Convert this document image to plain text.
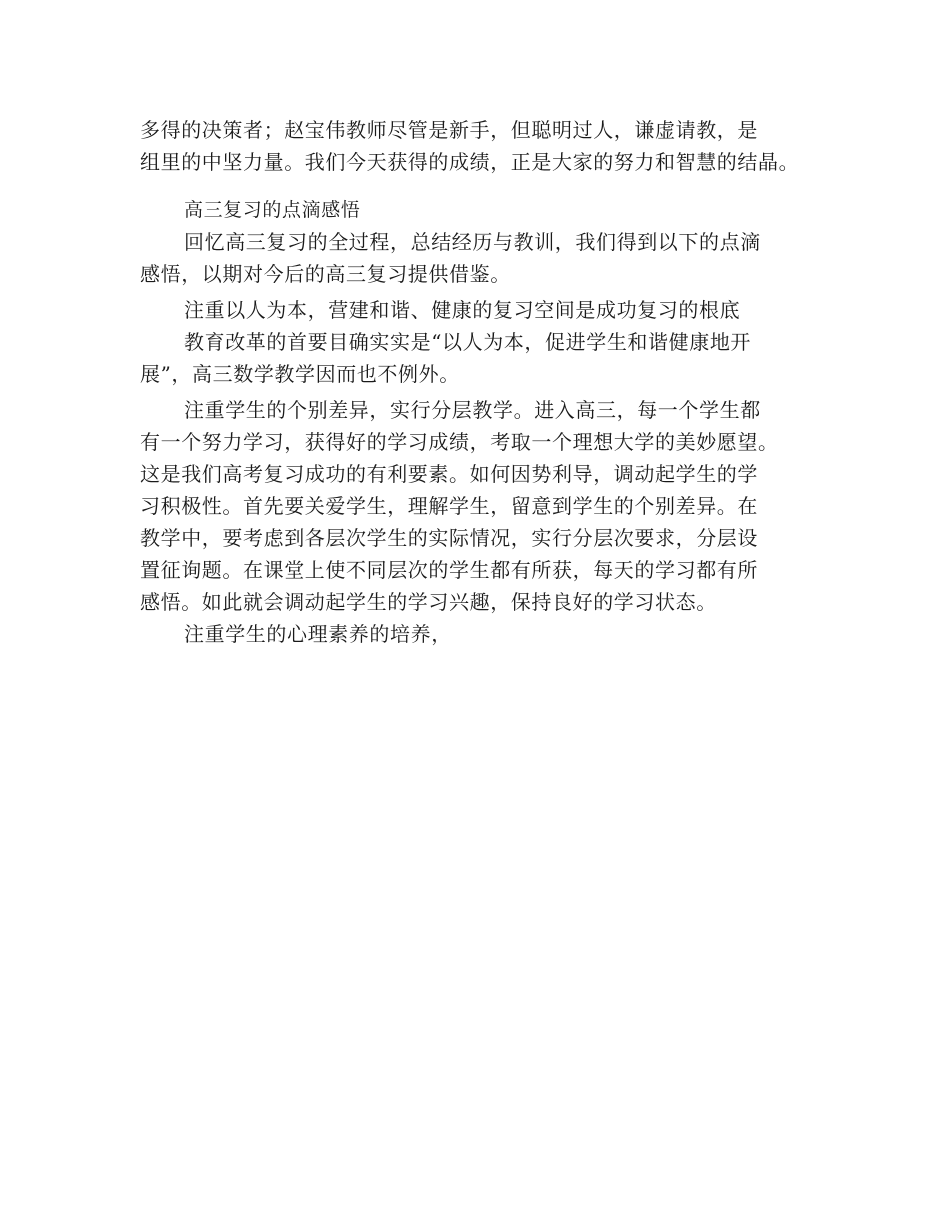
多得的决策者；赵宝伟教师尽管是新手，但聪明过人，谦虚请教，是
组里的中坚力量。我们今天获得的成绩，正是大家的努力和智慧的结晶。
高三复习的点滴感悟
回忆高三复习的全过程，总结经历与教训，我们得到以下的点滴
感悟，以期对今后的高三复习提供借鉴。
注重以人为本，营建和谐、健康的复习空间是成功复习的根底
教育改革的首要目确实实是“以人为本，促进学生和谐健康地开
展”，高三数学教学因而也不例外。
注重学生的个别差异，实行分层教学。进入高三，每一个学生都
有一个努力学习，获得好的学习成绩，考取一个理想大学的美妙愿望。
这是我们高考复习成功的有利要素。如何因势利导，调动起学生的学
习积极性。首先要关爱学生，理解学生，留意到学生的个别差异。在
教学中，要考虑到各层次学生的实际情况，实行分层次要求，分层设
置征询题。在课堂上使不同层次的学生都有所获，每天的学习都有所
感悟。如此就会调动起学生的学习兴趣，保持良好的学习状态。
注重学生的心理素养的培养，
